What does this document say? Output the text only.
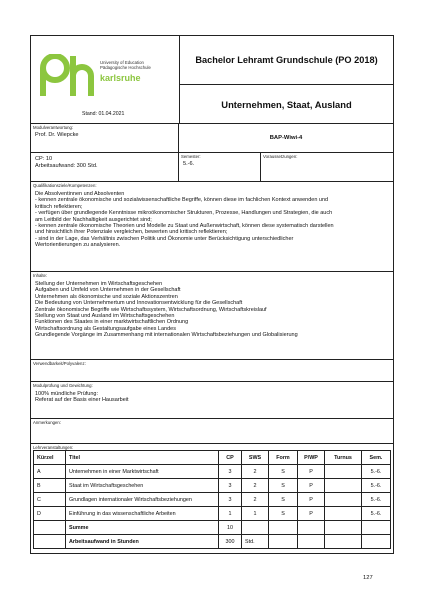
University of Education
Pädagogische Hochschule
karlsruhe
Stand: 01.04.2021
Bachelor Lehramt Grundschule (PO 2018)
Unternehmen, Staat, Ausland
Modulverantwortung:
Prof. Dr. Wiepcke	BAP-Wiwi-4
CP: 10
Arbeitsaufwand: 300 Std.
Semester:
5.-6.
Voraussetzungen:
Qualifikationsziele/Kompetenzen:
Die Absolventinnen und Absolventen
- kennen zentrale ökonomische und sozialwissenschaftliche Begriffe, können diese im fachlichen Kontext anwenden und
kritisch reflektieren;
- verfügen über grundlegende Kenntnisse mikroökonomischer Strukturen, Prozesse, Handlungen und Strategien, die auch
am Leitbild der Nachhaltigkeit ausgerichtet sind;
- kennen zentrale ökonomische Theorien und Modelle zu Staat und Außenwirtschaft, können diese systematisch darstellen
und hinsichtlich ihrer Potenziale vergleichen, bewerten und kritisch reflektieren;
- sind in der Lage, das Verhältnis zwischen Politik und Ökonomie unter Berücksichtigung unterschiedlicher
Wertorientierungen zu analysieren.
Inhalte:
Stellung der Unternehmen im Wirtschaftsgeschehen
Aufgaben und Umfeld von Unternehmen in der Gesellschaft
Unternehmen als ökonomische und soziale Aktionszentren
Die Bedeutung von Unternehmertum und Innovationsentwicklung für die Gesellschaft
Zentrale ökonomische Begriffe wie Wirtschaftssystem, Wirtschaftsordnung, Wirtschaftskreislauf
Stellung von Staat und Ausland im Wirtschaftsgeschehen
Funktionen des Staates in einer marktwirtschaftlichen Ordnung
Wirtschaftsordnung als Gestaltungsaufgabe eines Landes
Grundlegende Vorgänge im Zusammenhang mit internationalen Wirtschaftsbeziehungen und Globalisierung
Verwendbarkeit/Polyvalenz:
Modulprüfung und Gewichtung:
100% mündliche Prüfung:
Referat auf der Basis einer Hausarbeit
Anmerkungen:
Lehrveranstaltungen:
Kürzel	Titel	CP	SWS	Form	P/WP	Turnus	Sem.
A	Unternehmen in einer Marktwirtschaft	3	2	S	P		5.-6.
B	Staat im Wirtschaftsgeschehen	3	2	S	P		5.-6.
C	Grundlagen internationaler Wirtschaftsbeziehungen	3	2	S	P		5.-6.
D	Einführung in das wissenschaftliche Arbeiten	1	1	S	P		5.-6.
	Summe	10					
	Arbeitsaufwand in Stunden	300	Std.				
127
